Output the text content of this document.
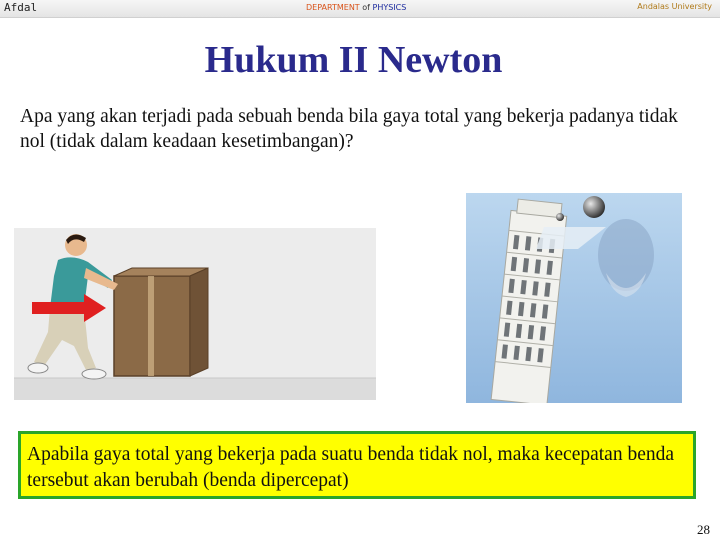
Afdal	DEPARTMENT of PHYSICS	Andalas University
Hukum II Newton
Apa yang akan terjadi pada sebuah benda bila gaya total yang bekerja padanya tidak nol (tidak dalam keadaan kesetimbangan)?
Apabila gaya total yang bekerja pada suatu benda tidak nol, maka kecepatan benda tersebut akan berubah (benda dipercepat)
28
